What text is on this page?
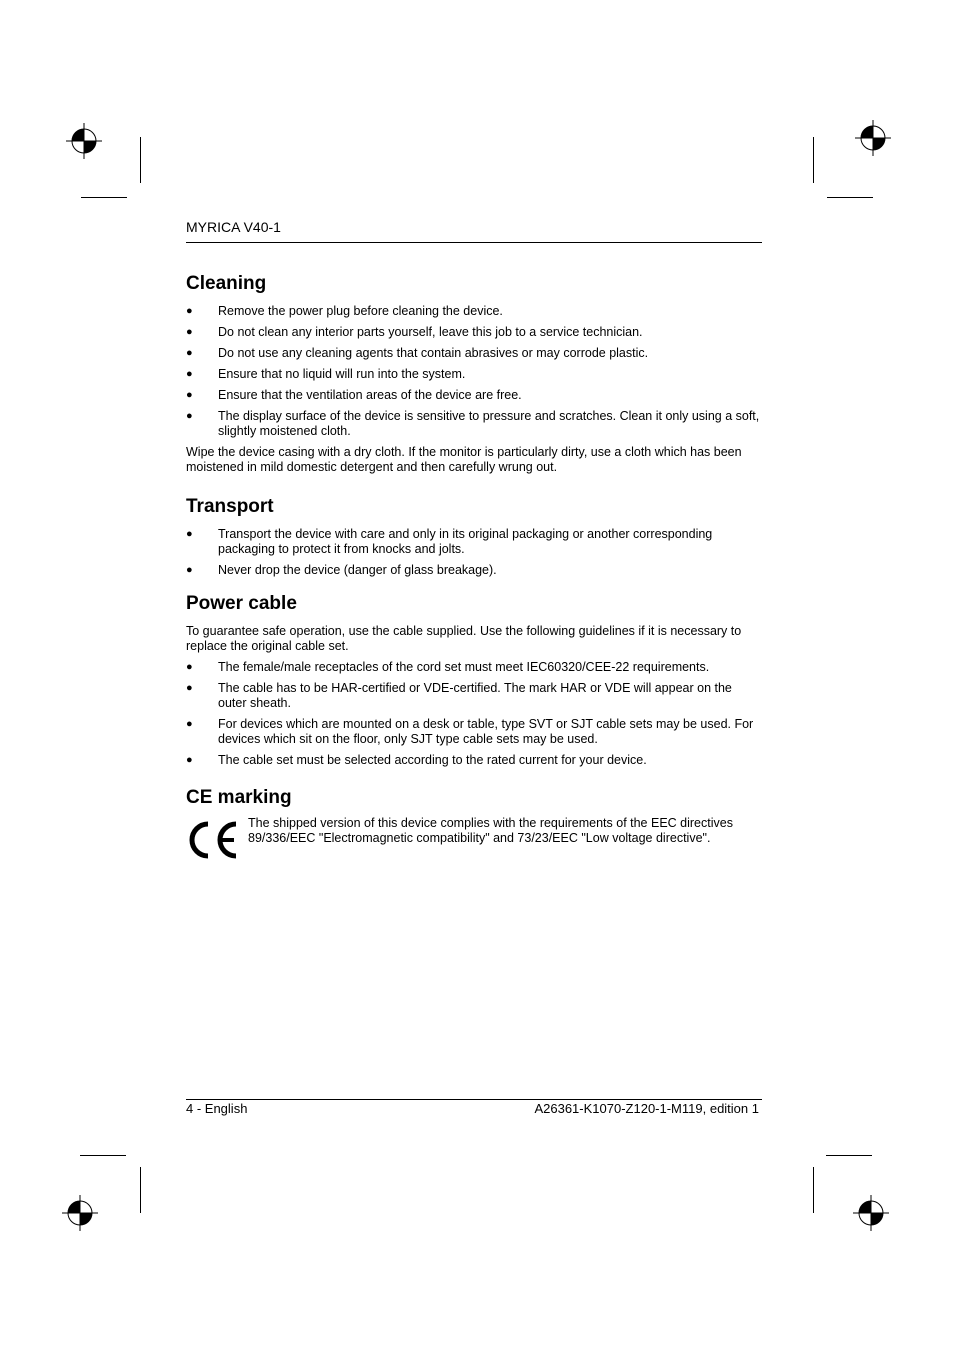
MYRICA V40-1
Cleaning
● Remove the power plug before cleaning the device.
● Do not clean any interior parts yourself, leave this job to a service technician.
● Do not use any cleaning agents that contain abrasives or may corrode plastic.
● Ensure that no liquid will run into the system.
● Ensure that the ventilation areas of the device are free.
● The display surface of the device is sensitive to pressure and scratches. Clean it only using a soft, slightly moistened cloth.

Wipe the device casing with a dry cloth. If the monitor is particularly dirty, use a cloth which has been moistened in mild domestic detergent and then carefully wrung out.

Transport
● Transport the device with care and only in its original packaging or another corresponding packaging to protect it from knocks and jolts.
● Never drop the device (danger of glass breakage).
Power cable

To guarantee safe operation, use the cable supplied. Use the following guidelines if it is necessary to replace the original cable set.

● The female/male receptacles of the cord set must meet IEC60320/CEE-22 requirements.
● The cable has to be HAR-certified or VDE-certified. The mark HAR or VDE will appear on the outer sheath.
● For devices which are mounted on a desk or table, type SVT or SJT cable sets may be used. For devices which sit on the floor, only SJT type cable sets may be used.
● The cable set must be selected according to the rated current for your device.
CE marking
The shipped version of this device complies with the requirements of the EEC directives 89/336/EEC "Electromagnetic compatibility" and 73/23/EEC "Low voltage directive".
4 - English	A26361-K1070-Z120-1-M119, edition 1
